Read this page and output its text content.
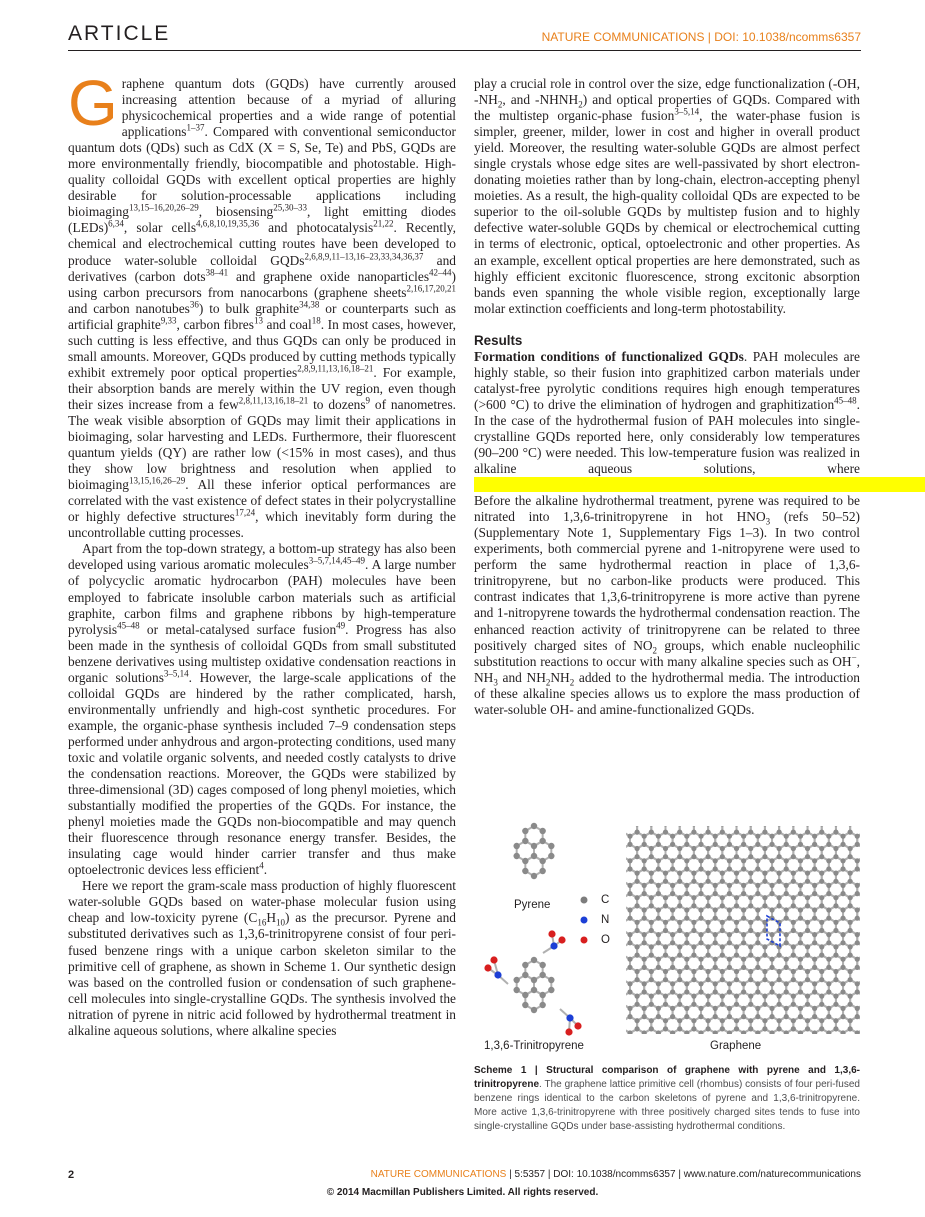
ARTICLE	NATURE COMMUNICATIONS | DOI: 10.1038/ncomms6357

Graphene quantum dots (GQDs) have currently aroused increasing attention because of a myriad of alluring physicochemical properties and a wide range of potential applications$^{1-37}$. Compared with conventional semiconductor quantum dots (QDs) such as CdX (X = S, Se, Te) and PbS, GQDs are more environmentally friendly, biocompatible and photostable. High-quality colloidal GQDs with excellent optical properties are highly desirable for solution-processable applications including bioimaging$^{13,15-16,20,26-29}$, biosensing$^{25,30-33}$, light emitting diodes (LEDs)$^{6,34}$, solar cells$^{4,6,8,10,19,35,36}$ and photocatalysis$^{21,22}$. Recently, chemical and electrochemical cutting routes have been developed to produce water-soluble colloidal GQDs$^{2,6,8,9,11-13,16-23,33,34,36,37}$ and derivatives (carbon dots$^{38-41}$ and graphene oxide nanoparticles$^{42-44}$) using carbon precursors from nanocarbons (graphene sheets$^{2,16,17,20,21}$ and carbon nanotubes$^{36}$) to bulk graphite$^{34,38}$ or counterparts such as artificial graphite$^{9,33}$, carbon fibres$^{13}$ and coal$^{18}$. In most cases, however, such cutting is less effective, and thus GQDs can only be produced in small amounts. Moreover, GQDs produced by cutting methods typically exhibit extremely poor optical properties$^{2,8,9,11,13,16,18-21}$. For example, their absorption bands are merely within the UV region, even though their sizes increase from a few$^{2,8,11,13,16,18-21}$ to dozens$^9$ of nanometres. The weak visible absorption of GQDs may limit their applications in bioimaging, solar harvesting and LEDs. Furthermore, their fluorescent quantum yields (QY) are rather low (<15% in most cases), and thus they show low brightness and resolution when applied to bioimaging$^{13,15,16,26-29}$. All these inferior optical performances are correlated with the vast existence of defect states in their polycrystalline or highly defective structures$^{17,24}$, which inevitably form during the uncontrollable cutting processes.

Apart from the top-down strategy, a bottom-up strategy has also been developed using various aromatic molecules$^{3-5,7,14,45-49}$. A large number of polycyclic aromatic hydrocarbon (PAH) molecules have been employed to fabricate insoluble carbon materials such as artificial graphite, carbon films and graphene ribbons by high-temperature pyrolysis$^{45-48}$ or metal-catalysed surface fusion$^{49}$. Progress has also been made in the synthesis of colloidal GQDs from small substituted benzene derivatives using multistep oxidative condensation reactions in organic solutions$^{3-5,14}$. However, the large-scale applications of the colloidal GQDs are hindered by the rather complicated, harsh, environmentally unfriendly and high-cost synthetic procedures. For example, the organic-phase synthesis included 7–9 condensation steps performed under anhydrous and argon-protecting conditions, used many toxic and volatile organic solvents, and needed costly catalysts to drive the condensation reactions. Moreover, the GQDs were stabilized by three-dimensional (3D) cages composed of long phenyl moieties, which substantially modified the properties of the GQDs. For instance, the phenyl moieties made the GQDs non-biocompatible and may quench their fluorescence through resonance energy transfer. Besides, the insulating cage would hinder carrier transfer and thus make optoelectronic devices less efficient$^4$.

Here we report the gram-scale mass production of highly fluorescent water-soluble GQDs based on water-phase molecular fusion using cheap and low-toxicity pyrene $(C_{16}H_{10})$ as the precursor. Pyrene and substituted derivatives such as 1,3,6-trinitropyrene consist of four peri-fused benzene rings with a unique carbon skeleton similar to the primitive cell of graphene, as shown in Scheme 1. Our synthetic design was based on the controlled fusion or condensation of such graphene-cell molecules into single-crystalline GQDs. The synthesis involved the nitration of pyrene in nitric acid followed by hydrothermal treatment in alkaline aqueous solutions, where alkaline species

play a crucial role in control over the size, edge functionalization (-OH, $-NH_2$, and $-NHNH_2$) and optical properties of GQDs. Compared with the multistep organic-phase fusion$^{3-5,14}$, the water-phase fusion is simpler, greener, milder, lower in cost and higher in overall product yield. Moreover, the resulting water-soluble GQDs are almost perfect single crystals whose edge sites are well-passivated by short electron-donating moieties rather than by long-chain, electron-accepting phenyl moieties. As a result, the high-quality colloidal QDs are expected to be superior to the oil-soluble GQDs by multistep fusion and to highly defective water-soluble GQDs by chemical or electrochemical cutting in terms of electronic, optical, optoelectronic and other properties. As an example, excellent optical properties are here demonstrated, such as highly efficient excitonic fluorescence, strong excitonic absorption bands even spanning the whole visible region, exceptionally large molar extinction coefficients and long-term photostability.

Results

Formation conditions of functionalized GQDs. PAH molecules are highly stable, so their fusion into graphitized carbon materials under catalyst-free pyrolytic conditions requires high enough temperatures (>600 °C) to drive the elimination of hydrogen and graphitization$^{45-48}$. In the case of the hydrothermal fusion of PAH molecules into single-crystalline GQDs reported here, only considerably low temperatures (90–200 °C) were needed. This low-temperature fusion was realized in alkaline aqueous solutions, where Before the alkaline hydrothermal treatment, pyrene was required to be nitrated into 1,3,6-trinitropyrene in hot $HNO_3$ (refs 50–52) (Supplementary Note 1, Supplementary Figs 1–3). In two control experiments, both commercial pyrene and 1-nitropyrene were used to perform the same hydrothermal reaction in place of 1,3,6-trinitropyrene, but no carbon-like products were produced. This contrast indicates that 1,3,6-trinitropyrene is more active than pyrene and 1-nitropyrene towards the hydrothermal condensation reaction. The enhanced reaction activity of trinitropyrene can be related to three positively charged sites of $NO_2$ groups, which enable nucleophilic substitution reactions to occur with many alkaline species such as OH−, $NH_3$ and $NH_2NH_2$ added to the hydrothermal media. The introduction of these alkaline species allows us to explore the mass production of water-soluble OH- and amine-functionalized GQDs.

Pyrene
1,3,6-Trinitropyrene	Graphene
C
N
O
Scheme 1 | Structural comparison of graphene with pyrene and 1,3,6-trinitropyrene. The graphene lattice primitive cell (rhombus) consists of four peri-fused benzene rings identical to the carbon skeletons of pyrene and 1,3,6-trinitropyrene. More active 1,3,6-trinitropyrene with three positively charged sites tends to fuse into single-crystalline GQDs under base-assisting hydrothermal conditions.
2	NATURE COMMUNICATIONS | 5:5357 | DOI: 10.1038/ncomms6357 | www.nature.com/naturecommunications
© 2014 Macmillan Publishers Limited. All rights reserved.
